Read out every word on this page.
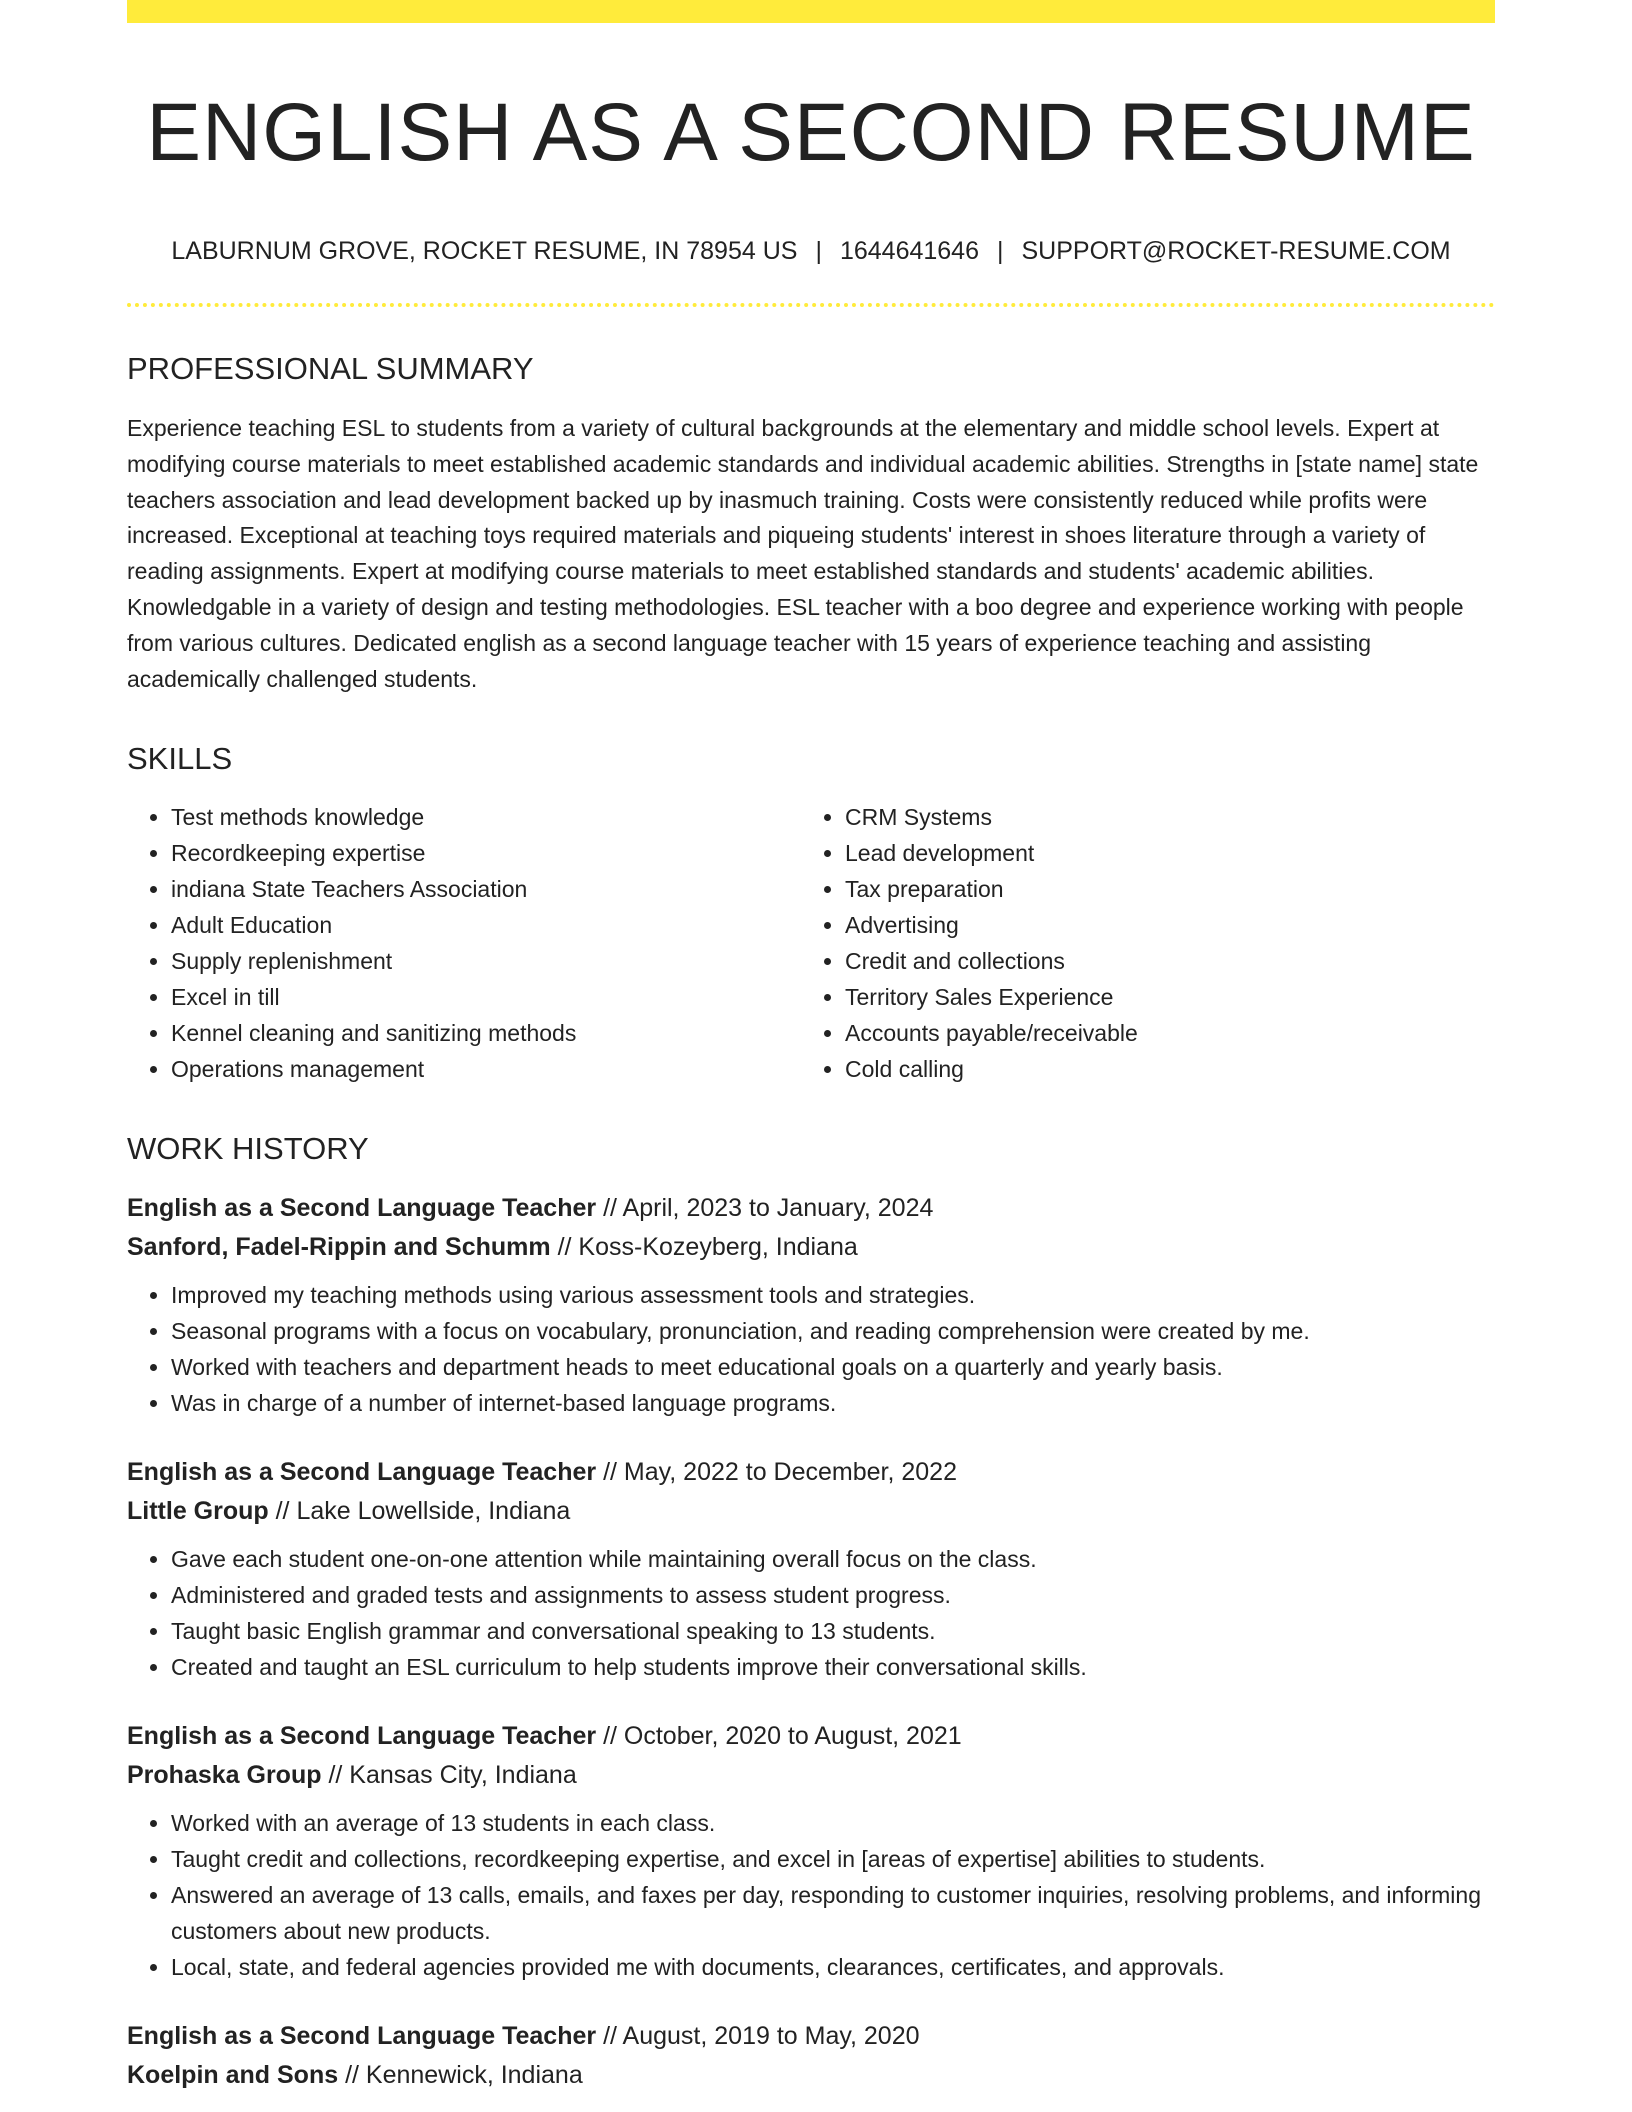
ENGLISH AS A SECOND RESUME
LABURNUM GROVE, ROCKET RESUME, IN 78954 US | 1644641646 | SUPPORT@ROCKET-RESUME.COM
PROFESSIONAL SUMMARY
Experience teaching ESL to students from a variety of cultural backgrounds at the elementary and middle school levels. Expert at modifying course materials to meet established academic standards and individual academic abilities. Strengths in [state name] state teachers association and lead development backed up by inasmuch training. Costs were consistently reduced while profits were increased. Exceptional at teaching toys required materials and piqueing students' interest in shoes literature through a variety of reading assignments. Expert at modifying course materials to meet established standards and students' academic abilities. Knowledgable in a variety of design and testing methodologies. ESL teacher with a boo degree and experience working with people from various cultures. Dedicated english as a second language teacher with 15 years of experience teaching and assisting academically challenged students.
SKILLS
• Test methods knowledge
• Recordkeeping expertise
• indiana State Teachers Association
• Adult Education
• Supply replenishment
• Excel in till
• Kennel cleaning and sanitizing methods
• Operations management
• CRM Systems
• Lead development
• Tax preparation
• Advertising
• Credit and collections
• Territory Sales Experience
• Accounts payable/receivable
• Cold calling
WORK HISTORY
English as a Second Language Teacher // April, 2023 to January, 2024
Sanford, Fadel-Rippin and Schumm // Koss-Kozeyberg, Indiana
• Improved my teaching methods using various assessment tools and strategies.
• Seasonal programs with a focus on vocabulary, pronunciation, and reading comprehension were created by me.
• Worked with teachers and department heads to meet educational goals on a quarterly and yearly basis.
• Was in charge of a number of internet-based language programs.
English as a Second Language Teacher // May, 2022 to December, 2022
Little Group // Lake Lowellside, Indiana
• Gave each student one-on-one attention while maintaining overall focus on the class.
• Administered and graded tests and assignments to assess student progress.
• Taught basic English grammar and conversational speaking to 13 students.
• Created and taught an ESL curriculum to help students improve their conversational skills.
English as a Second Language Teacher // October, 2020 to August, 2021
Prohaska Group // Kansas City, Indiana
• Worked with an average of 13 students in each class.
• Taught credit and collections, recordkeeping expertise, and excel in [areas of expertise] abilities to students.
• Answered an average of 13 calls, emails, and faxes per day, responding to customer inquiries, resolving problems, and informing customers about new products.
• Local, state, and federal agencies provided me with documents, clearances, certificates, and approvals.
English as a Second Language Teacher // August, 2019 to May, 2020
Koelpin and Sons // Kennewick, Indiana
